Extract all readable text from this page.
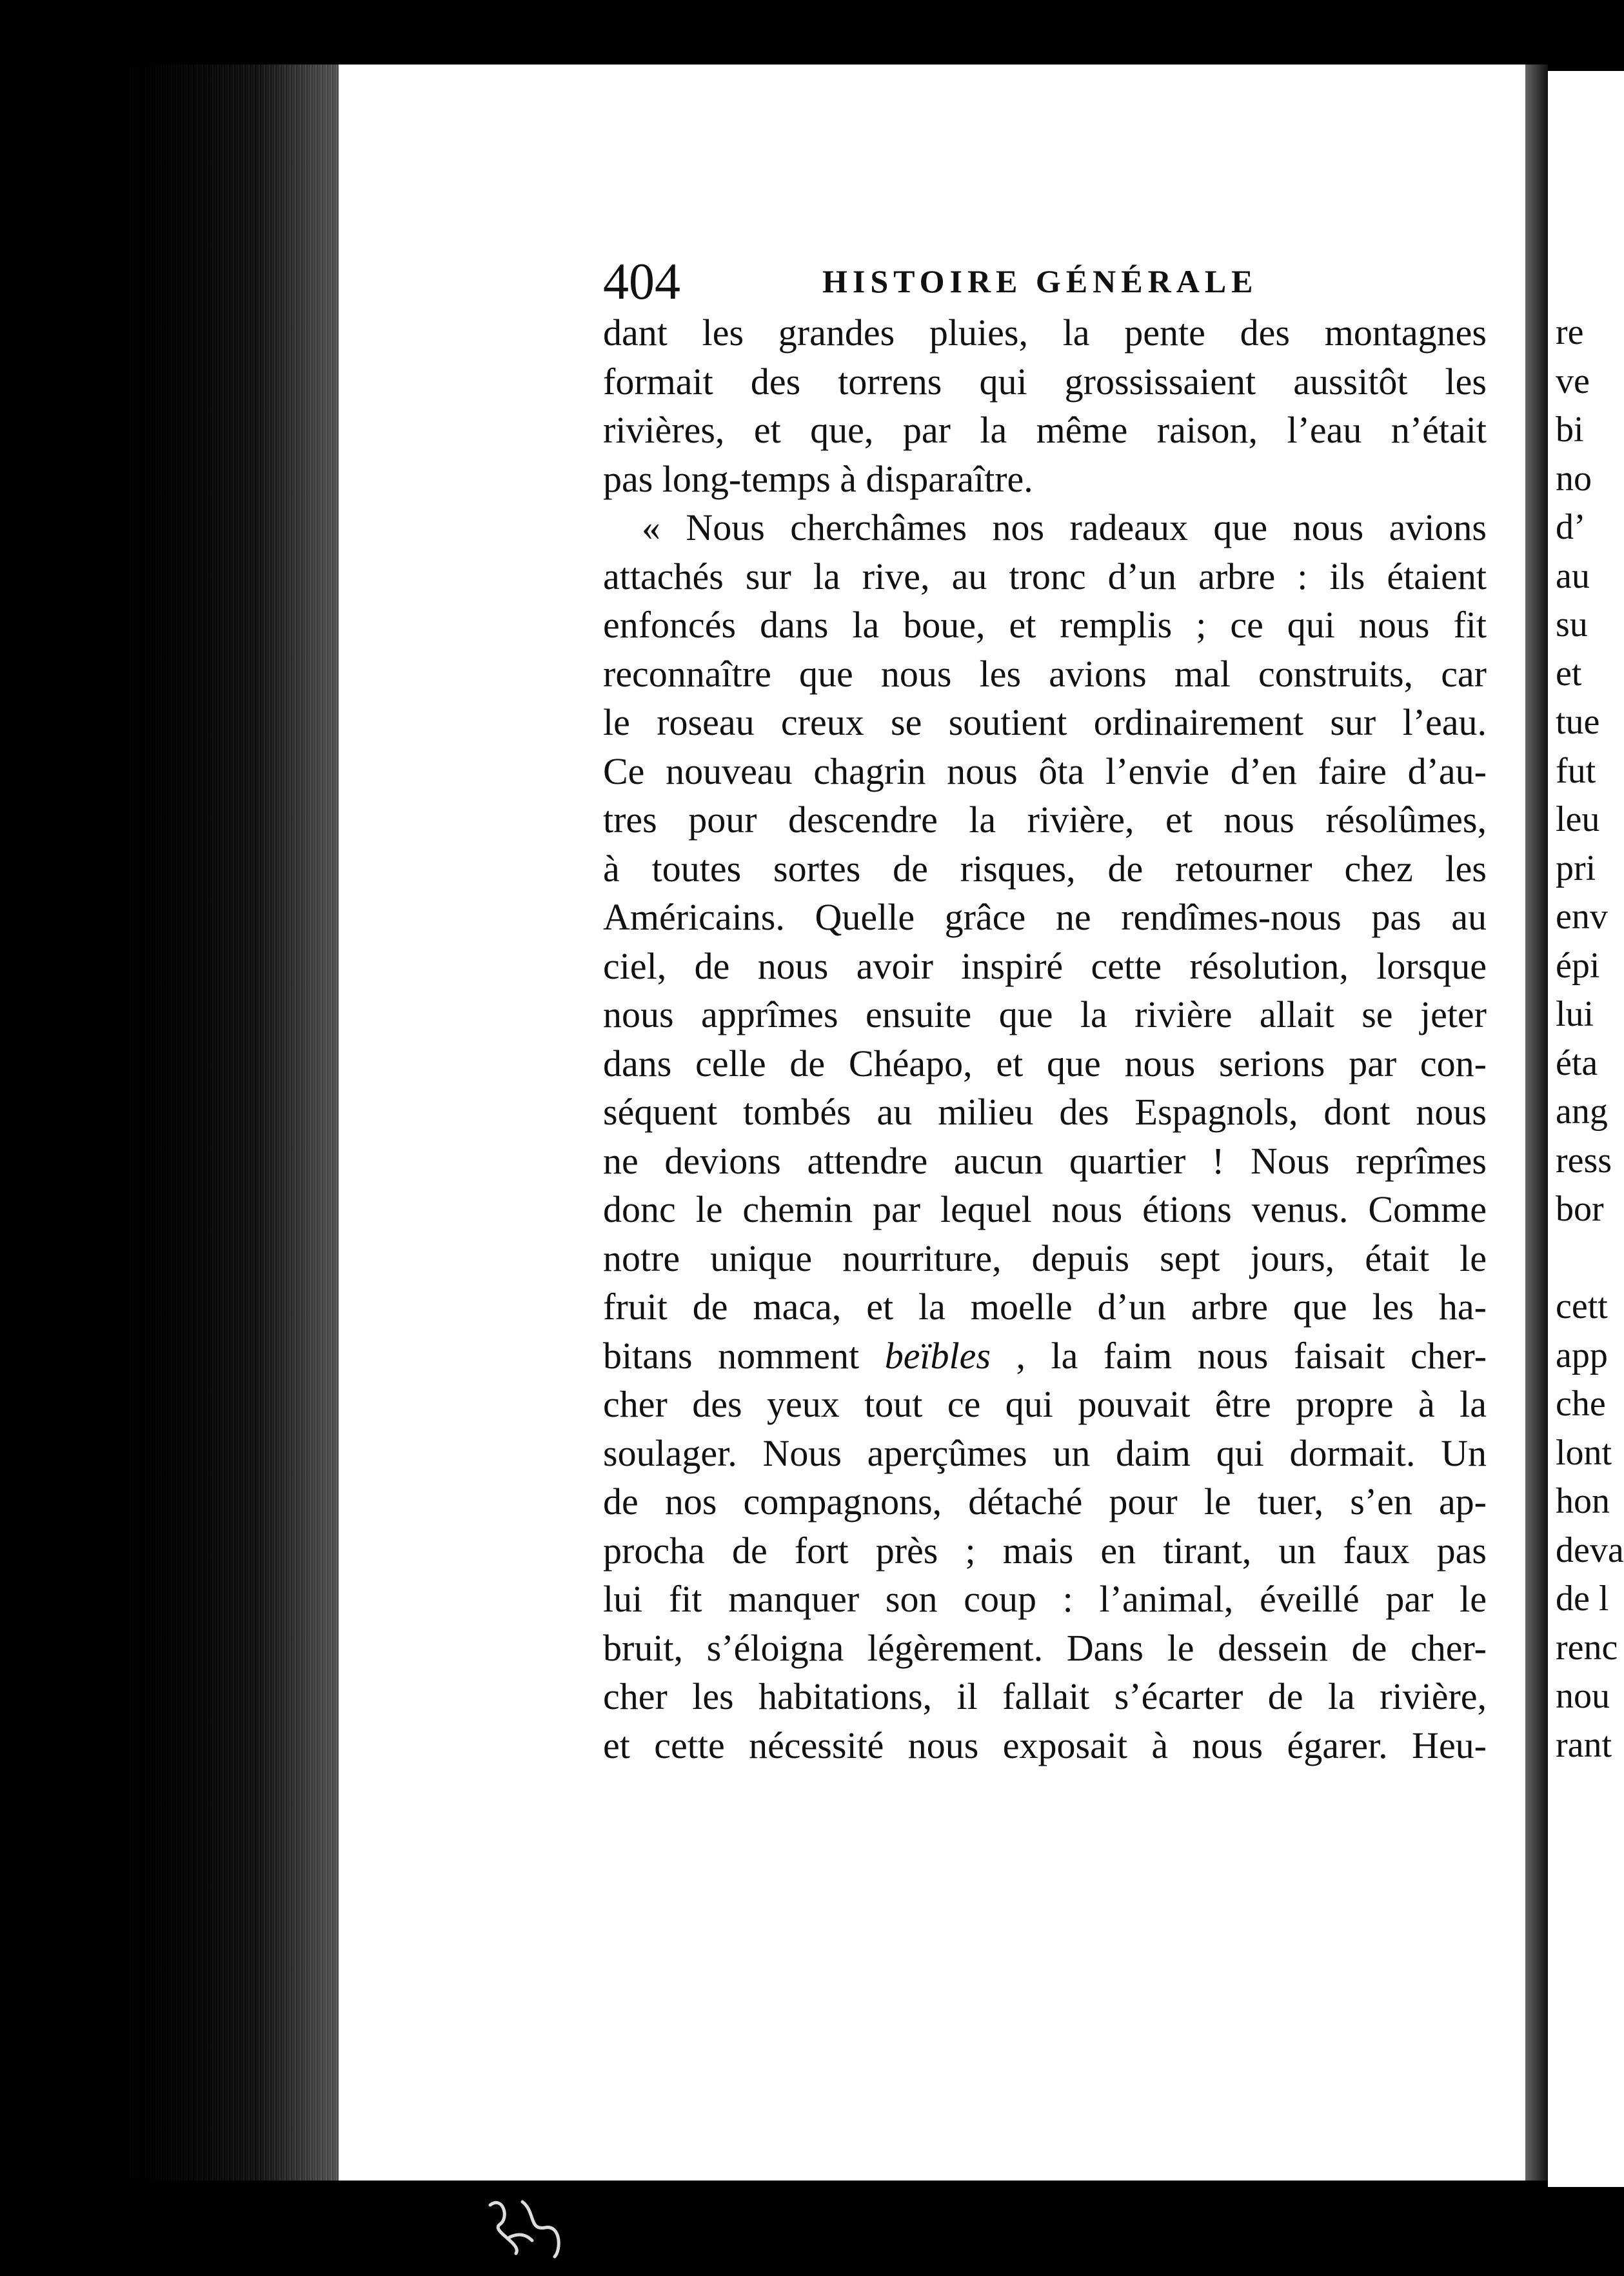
re
ve
bi
no
d’
au
su
et
tue
fut
leu
pri
env
épi
lui
éta
ang
ress
bor
cett
app
che
lont
hon
deva
de l
renc
nou
rant
404	HISTOIRE GÉNÉRALE
dant les grandes pluies, la pente des montagnes
formait des torrens qui grossissaient aussitôt les
rivières, et que, par la même raison, l’eau n’était
pas long-temps à disparaître.
« Nous cherchâmes nos radeaux que nous avions
attachés sur la rive, au tronc d’un arbre : ils étaient
enfoncés dans la boue, et remplis ; ce qui nous fit
reconnaître que nous les avions mal construits, car
le roseau creux se soutient ordinairement sur l’eau.
Ce nouveau chagrin nous ôta l’envie d’en faire d’au-
tres pour descendre la rivière, et nous résolûmes,
à toutes sortes de risques, de retourner chez les
Américains. Quelle grâce ne rendîmes-nous pas au
ciel, de nous avoir inspiré cette résolution, lorsque
nous apprîmes ensuite que la rivière allait se jeter
dans celle de Chéapo, et que nous serions par con-
séquent tombés au milieu des Espagnols, dont nous
ne devions attendre aucun quartier ! Nous reprîmes
donc le chemin par lequel nous étions venus. Comme
notre unique nourriture, depuis sept jours, était le
fruit de maca, et la moelle d’un arbre que les ha-
bitans nomment beïbles , la faim nous faisait cher-
cher des yeux tout ce qui pouvait être propre à la
soulager. Nous aperçûmes un daim qui dormait. Un
de nos compagnons, détaché pour le tuer, s’en ap-
procha de fort près ; mais en tirant, un faux pas
lui fit manquer son coup : l’animal, éveillé par le
bruit, s’éloigna légèrement. Dans le dessein de cher-
cher les habitations, il fallait s’écarter de la rivière,
et cette nécessité nous exposait à nous égarer. Heu-
